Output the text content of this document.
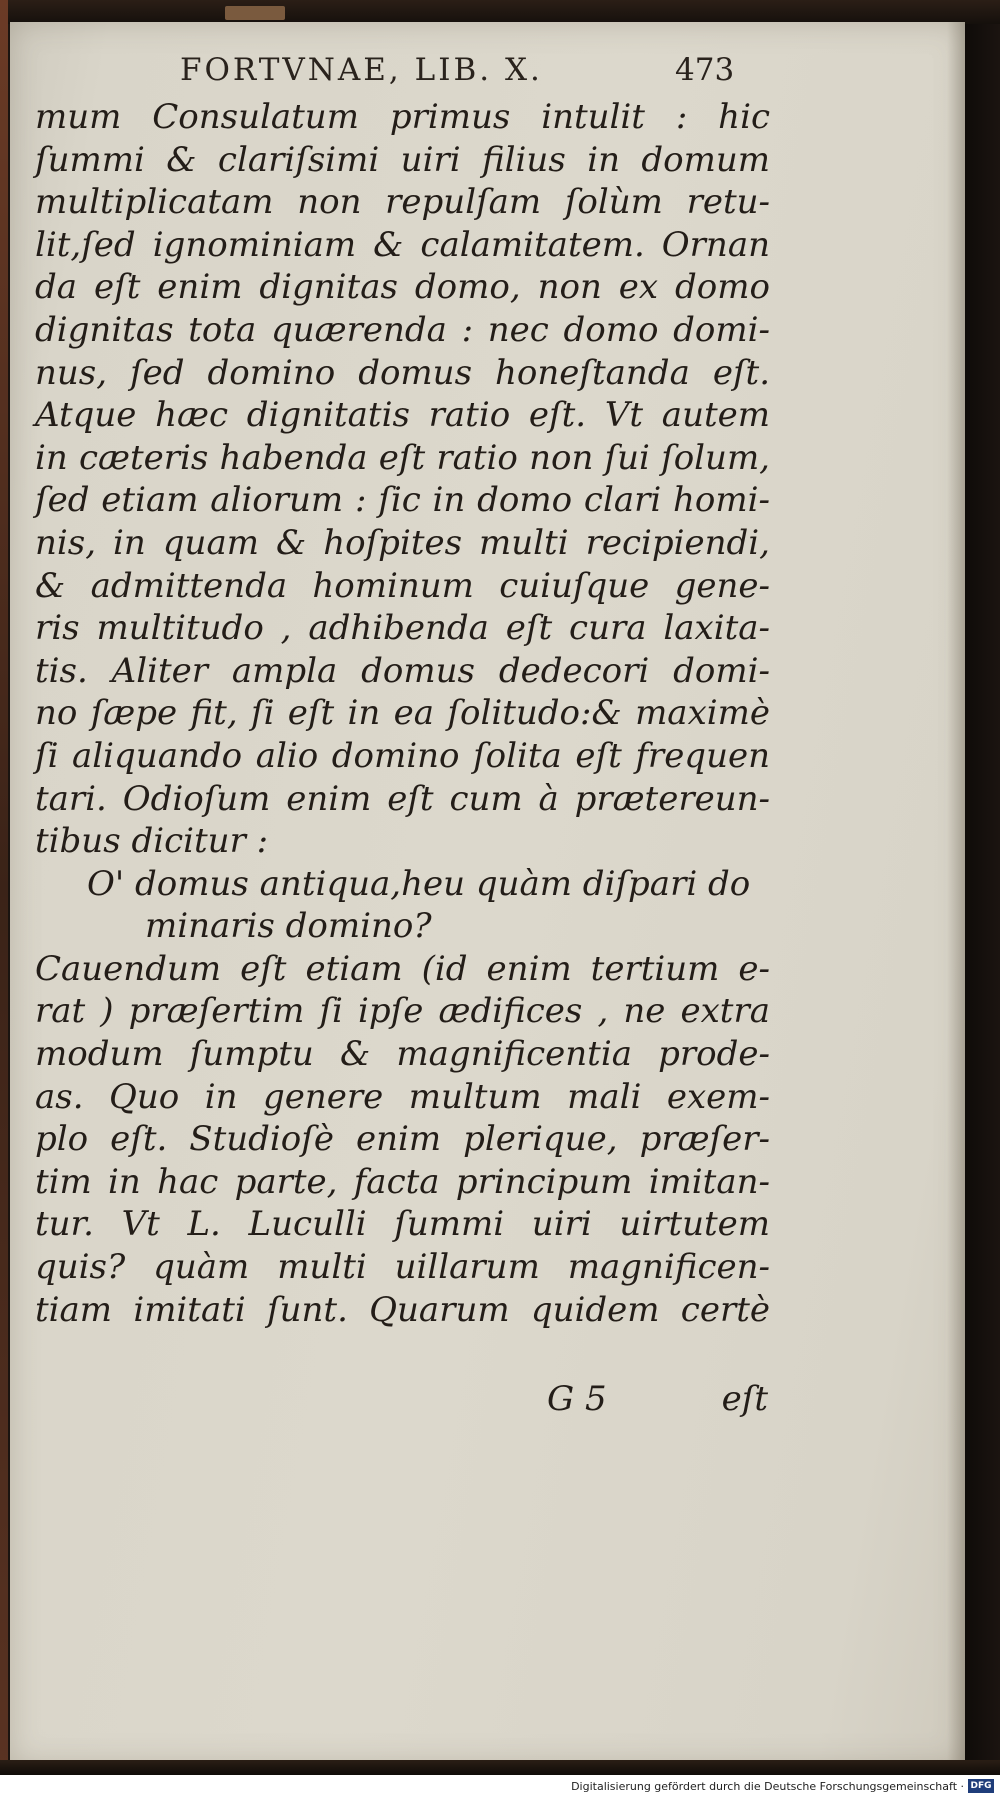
FORTVNAE, LIB. X.	473
mum Consulatum primus intulit : hic
ſummi & clariſsimi uiri filius in domum
multiplicatam non repulſam ſolùm retu-
lit,ſed ignominiam & calamitatem. Ornan
da eſt enim dignitas domo, non ex domo
dignitas tota quærenda : nec domo domi-
nus, ſed domino domus honeſtanda eſt.
Atque hæc dignitatis ratio eſt. Vt autem
in cæteris habenda eſt ratio non ſui ſolum,
ſed etiam aliorum : ſic in domo clari homi-
nis, in quam & hoſpites multi recipiendi,
& admittenda hominum cuiuſque gene-
ris multitudo , adhibenda eſt cura laxita-
tis. Aliter ampla domus dedecori domi-
no ſæpe fit, ſi eſt in ea ſolitudo:& maximè
ſi aliquando alio domino ſolita eſt frequen
tari. Odioſum enim eſt cum à prætereun-
tibus dicitur :
O' domus antiqua,heu quàm diſpari do
minaris domino?
Cauendum eſt etiam (id enim tertium e-
rat ) præſertim ſi ipſe ædifices , ne extra
modum ſumptu & magnificentia prode-
as. Quo in genere multum mali exem-
plo eſt. Studioſè enim plerique, præſer-
tim in hac parte, facta principum imitan-
tur. Vt L. Luculli ſummi uiri uirtutem
quis? quàm multi uillarum magnificen-
tiam imitati ſunt. Quarum quidem certè
G 5	eſt
Digitalisierung gefördert durch die Deutsche Forschungsgemeinschaft · DFG
